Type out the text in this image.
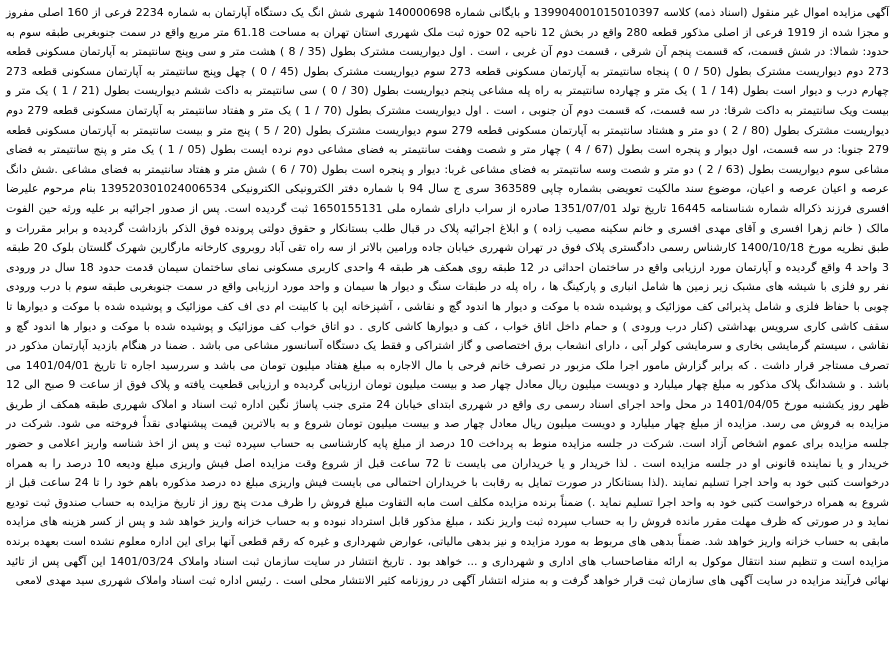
آگهی مزایده اموال غیر منقول (اسناد ذمه) کلاسه 139904001015010397 و بایگانی شماره 140000698 شهری شش انگ یک دستگاه آپارتمان به شماره 2234 فرعی از 160 اصلی مفروز و مجزا شده از 1919 فرعی از اصلی مذکور قطعه 280 واقع در بخش 12 ناحیه 02 حوزه ثبت ملک شهرری استان تهران به مساحت 61.18 متر مربع واقع در سمت جنوبغربی طبقه سوم به حدود: شمالا: در شش قسمت، که قسمت پنجم آن شرقی ، قسمت دوم آن غربی ، است . اول دیواریست مشترک بطول (35 / 8 ) هشت متر و سی وپنج سانتیمتر به آپارتمان مسکونی قطعه 273 دوم دیواریست مشترک بطول (50 / 0 ) پنجاه سانتیمتر به آپارتمان مسکونی قطعه 273 سوم دیواریست مشترک بطول (45 / 0 ) چهل وپنج سانتیمتر به آپارتمان مسکونی قطعه 273 چهارم درب و دیوار است بطول (14 / 1 ) یک متر و چهارده سانتیمتر به راه پله مشاعی پنجم دیواریست بطول (30 / 0 ) سی سانتیمتر به داکت ششم دیواریست بطول (21 / 1 ) یک متر و بیست ویک سانتیمتر به داکت شرقا: در سه قسمت، که قسمت دوم آن جنوبی ، است . اول دیواریست مشترک بطول (70 / 1 ) یک متر و هفتاد سانتیمتر به آپارتمان مسکونی قطعه 279 دوم دیواریست مشترک بطول (80 / 2 ) دو متر و هشتاد سانتیمتر به آپارتمان مسکونی قطعه 279 سوم دیواریست مشترک بطول (20 / 5 ) پنج متر و بیست سانتیمتر به آپارتمان مسکونی قطعه 279 جنوبا: در سه قسمت، اول دیوار و پنجره است بطول (67 / 4 ) چهار متر و شصت وهفت سانتیمتر به فضای مشاعی دوم نرده ایست بطول (05 / 1 ) یک متر و پنج سانتیمتر به فضای مشاعی سوم دیواریست بطول (63 / 2 ) دو متر و شصت وسه سانتیمتر به فضای مشاعی غربا: دیوار و پنجره است بطول (70 / 6 ) شش متر و هفتاد سانتیمتر به فضای مشاعی .شش دانگ عرصه و اعیان عرصه و اعیان، موضوع سند مالکیت تعویضی بشماره چاپی 363589 سری ج سال 94 با شماره دفتر الکترونیکی الکترونیکی 139520301024006534 بنام مرحوم علیرضا افسری فرزند ذکراله شماره شناسنامه 16445 تاریخ تولد 1351/07/01 صادره از سراب دارای شماره ملی 1650155131 ثبت گردیده است. پس از صدور اجرائیه بر علیه ورثه حین الفوت مالک ( خانم زهرا افسری و آقای مهدی افسری و خانم سکینه مصیب زاده ) و ابلاغ اجرائیه پلاک در قبال طلب بستانکار و حقوق دولتی پرونده فوق الذکر بازداشت گردیده و برابر مقررات و طبق نظریه مورخ 1400/10/18 کارشناس رسمی دادگستری پلاک فوق در تهران شهرری خیابان جاده ورامین بالاتر از سه راه تقی آباد روبروی کارخانه مارگارین شهرک گلستان بلوک 20 طبقه 3 واحد 4 واقع گردیده و آپارتمان مورد ارزیابی واقع در ساختمان احداثی در 12 طبقه روی همکف هر طبقه 4 واحدی کاربری مسکونی نمای ساختمان سیمان قدمت حدود 18 سال در ورودی نفر رو فلزی با شیشه های مشبک زیر زمین ها شامل انباری و پارکینگ ها ، راه پله در طبقات سنگ و دیوار ها سیمان و واحد مورد ارزیابی واقع در سمت جنوبغربی طبقه سوم با درب ورودی چوبی با حفاظ فلزی و شامل پذیرائی کف موزائیک و پوشیده شده با موکت و دیوار ها اندود گچ و نقاشی ، آشپزخانه اپن با کابینت ام دی اف کف موزائیک و پوشیده شده با موکت و دیوارها تا سقف کاشی کاری سرویس بهداشتی (کنار درب ورودی ) و حمام داخل اتاق خواب ، کف و دیوارها کاشی کاری . دو اتاق خواب کف موزائیک و پوشیده شده با موکت و دیوار ها اندود گچ و نقاشی ، سیستم گرمایشی بخاری و سرمایشی کولر آبی ، دارای انشعاب برق اختصاصی و گاز اشتراکی و فقط یک دستگاه آسانسور مشاعی می باشد . ضمنا در هنگام بازدید آپارتمان مذکور در تصرف مستاجر قرار داشت . که برابر گزارش مامور اجرا ملک مزبور در تصرف خانم فرحی با مال الاجاره به مبلغ هفتاد میلیون تومان می باشد و سررسید اجاره تا تاریخ 1401/04/01 می باشد . و ششدانگ پلاک مذکور به مبلغ چهار میلیارد و دویست میلیون ریال معادل چهار صد و بیست میلیون تومان ارزیابی گردیده و ارزیابی قطعیت یافته و پلاک فوق از ساعت 9 صبح الی 12 ظهر روز یکشنبه مورخ 1401/04/05 در محل واحد اجرای اسناد رسمی ری واقع در شهرری ابتدای خیابان 24 متری جنب پاساژ نگین اداره ثبت اسناد و املاک شهرری طبقه همکف از طریق مزایده به فروش می رسد. مزایده از مبلغ چهار میلیارد و دویست میلیون ریال معادل چهار صد و بیست میلیون تومان شروع و به بالاترین قیمت پیشنهادی نقداً فروخته می شود. شرکت در جلسه مزایده برای عموم اشخاص آزاد است. شرکت در جلسه مزایده منوط به پرداخت 10 درصد از مبلغ پایه کارشناسی به حساب سپرده ثبت و پس از اخذ شناسه واریز اعلامی و حضور خریدار و یا نماینده قانونی او در جلسه مزایده است . لذا خریدار و یا خریداران می بایست تا 72 ساعت قبل از شروع وقت مزایده اصل فیش واریزی مبلغ ودیعه 10 درصد را به همراه درخواست کتبی خود به واحد اجرا تسلیم نمایند .(لذا بستانکار در صورت تمایل به رقابت با خریداران احتمالی می بایست فیش واریزی مبلغ ده درصد مذکوره باهم خود را تا 24 ساعت قبل از شروع به همراه درخواست کتبی خود به واحد اجرا تسلیم نماید .) ضمناً برنده مزایده مکلف است مابه التفاوت مبلغ فروش را ظرف مدت پنج روز از تاریخ مزایده به حساب صندوق ثبت تودیع نماید و در صورتی که ظرف مهلت مقرر مانده فروش را به حساب سپرده ثبت واریز نکند ، مبلغ مذکور قابل استرداد نبوده و به حساب خزانه واریز خواهد شد و پس از کسر هزینه های مزایده مابقی به حساب خزانه واریز خواهد شد. ضمناً بدهی های مربوط به مورد مزایده و نیز بدهی مالیاتی، عوارض شهرداری و غیره که رقم قطعی آنها برای این اداره معلوم نشده است بعهده برنده مزایده است و تنظیم سند انتقال موکول به ارائه مفاصاحساب های اداری و شهرداری و ... خواهد بود . تاریخ انتشار در سایت سازمان ثبت اسناد واملاک 1401/03/24 این آگهی پس از تائید نهائی فرآیند مزایده در سایت آگهی های سازمان ثبت قرار خواهد گرفت و به منزله انتشار آگهی در روزنامه کثیر الانتشار محلی است . رئیس اداره ثبت اسناد واملاک شهرری سید مهدی لامعی
